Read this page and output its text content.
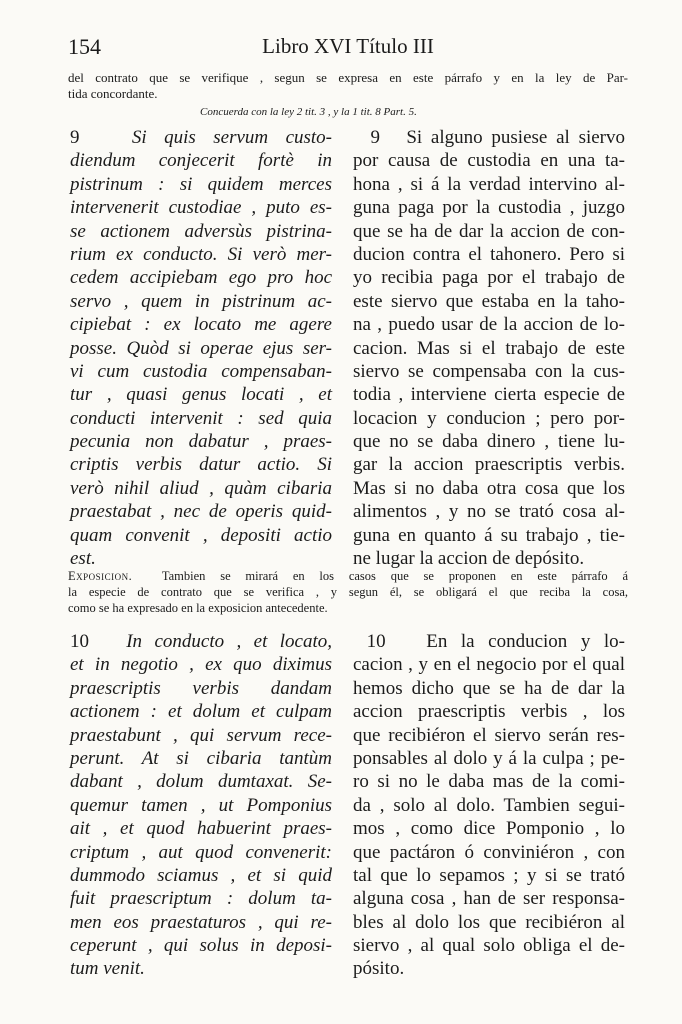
154	Libro XVI Título III
del contrato que se verifique , segun se expresa en este párrafo y en la ley de Par-
tida concordante.
Concuerda con la ley 2 tit. 3 , y la 1 tit. 8 Part. 5.
9	Si quis servum custo-
diendum conjecerit fortè in
pistrinum : si quidem merces
intervenerit custodiae , puto es-
se actionem adversùs pistrina-
rium ex conducto. Si verò mer-
cedem accipiebam ego pro hoc
servo , quem in pistrinum ac-
cipiebat : ex locato me agere
posse. Quòd si operae ejus ser-
vi cum custodia compensaban-
tur , quasi genus locati , et
conducti intervenit : sed quia
pecunia non dabatur , praes-
criptis verbis datur actio. Si
verò nihil aliud , quàm cibaria
praestabat , nec de operis quid-
quam convenit , depositi actio
est.
9 Si alguno pusiese al siervo
por causa de custodia en una ta-
hona , si á la verdad intervino al-
guna paga por la custodia , juzgo
que se ha de dar la accion de con-
ducion contra el tahonero. Pero si
yo recibia paga por el trabajo de
este siervo que estaba en la taho-
na , puedo usar de la accion de lo-
cacion. Mas si el trabajo de este
siervo se compensaba con la cus-
todia , interviene cierta especie de
locacion y conducion ; pero por-
que no se daba dinero , tiene lu-
gar la accion praescriptis verbis.
Mas si no daba otra cosa que los
alimentos , y no se trató cosa al-
guna en quanto á su trabajo , tie-
ne lugar la accion de depósito.
Exposicion. Tambien se mirará en los casos que se proponen en este párrafo á
la especie de contrato que se verifica , y segun él, se obligará el que reciba la cosa,
como se ha expresado en la exposicion antecedente.
10 In conducto , et locato,
et in negotio , ex quo diximus
praescriptis verbis dandam
actionem : et dolum et culpam
praestabunt , qui servum rece-
perunt. At si cibaria tantùm
dabant , dolum dumtaxat. Se-
quemur tamen , ut Pomponius
ait , et quod habuerint praes-
criptum , aut quod convenerit:
dummodo sciamus , et si quid
fuit praescriptum : dolum ta-
men eos praestaturos , qui re-
ceperunt , qui solus in deposi-
tum venit.
10 En la conducion y lo-
cacion , y en el negocio por el qual
hemos dicho que se ha de dar la
accion praescriptis verbis , los
que recibiéron el siervo serán res-
ponsables al dolo y á la culpa ; pe-
ro si no le daba mas de la comi-
da , solo al dolo. Tambien segui-
mos , como dice Pomponio , lo
que pactáron ó conviniéron , con
tal que lo sepamos ; y si se trató
alguna cosa , han de ser responsa-
bles al dolo los que recibiéron al
siervo , al qual solo obliga el de-
pósito.
